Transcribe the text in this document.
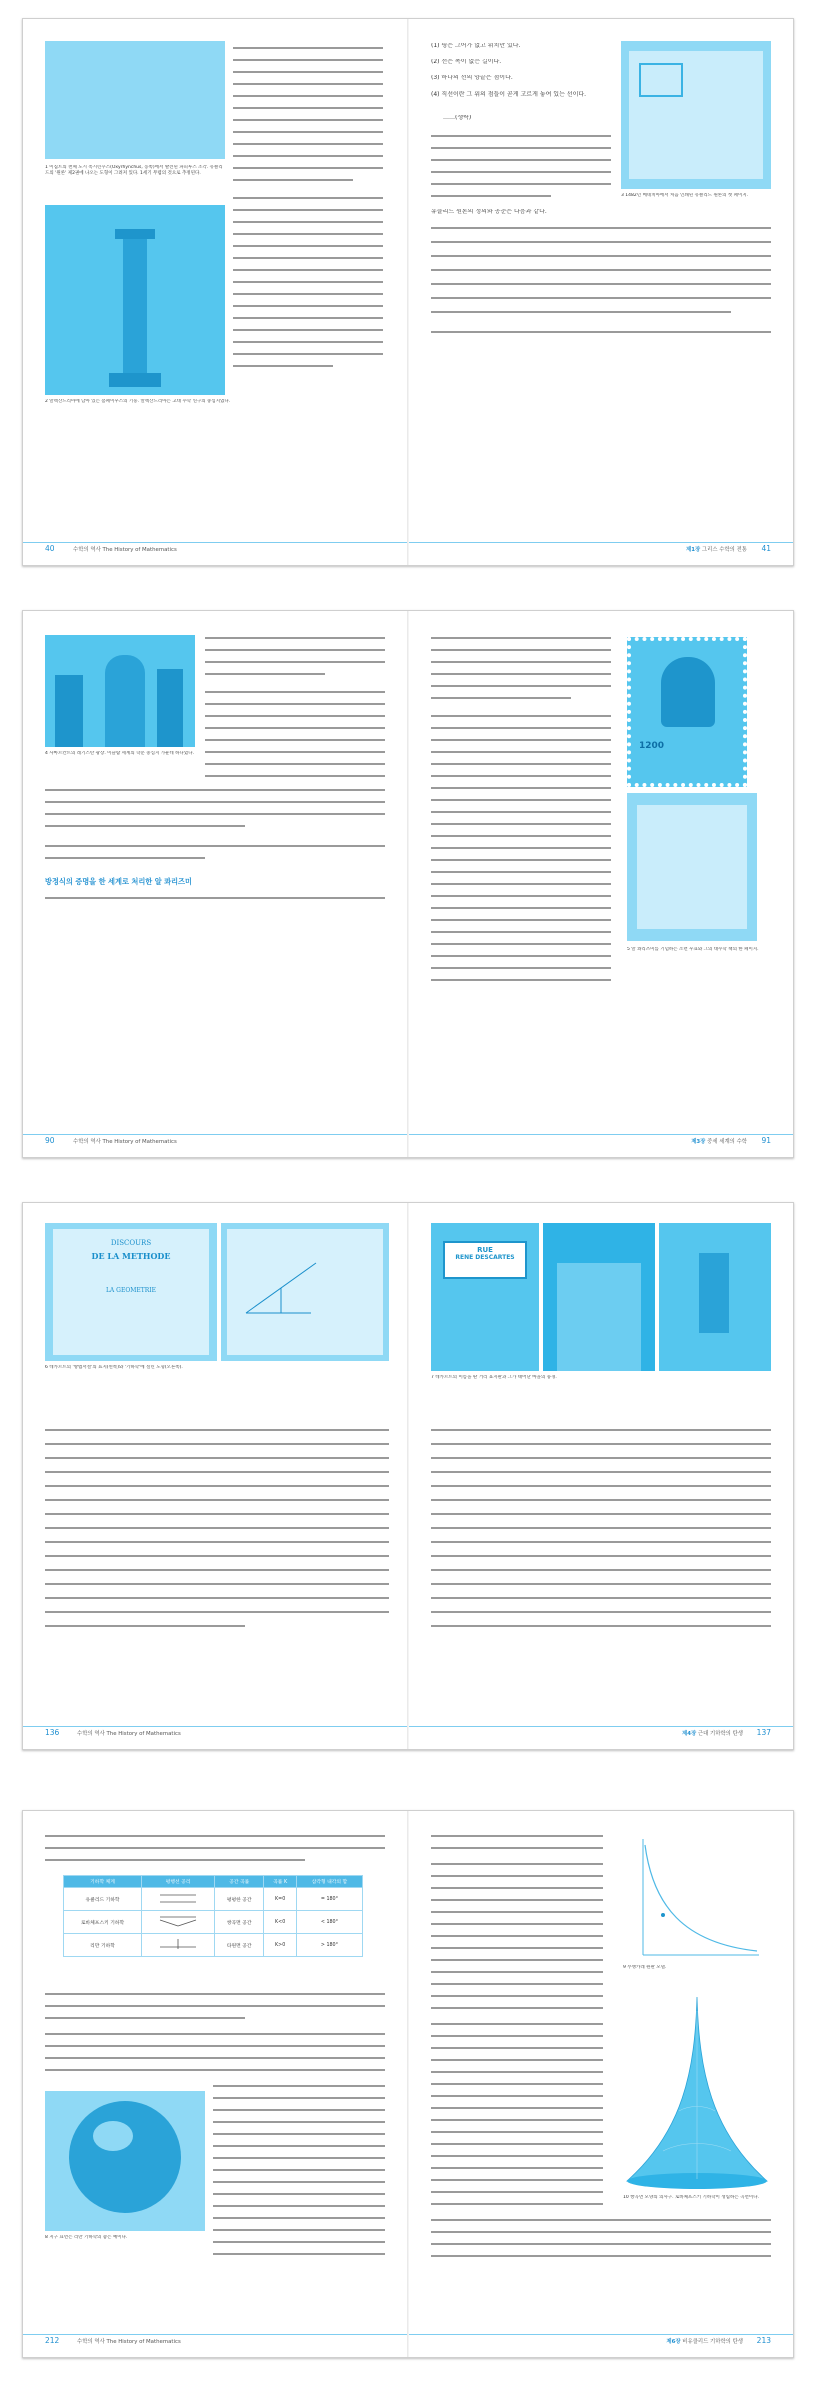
1 이집트의 천체 도시 옥시린쿠스(Oxyrhynchus, 동쪽)에서 발견된 파피루스 조각. 유클리드의 '원론' 제2권에 나오는 도형이 그려져 있다. 1세기 무렵의 것으로 추정된다.
2 알렉산드리아에 남아 있는 폼페이우스의 기둥. 알렉산드리아는 고대 수학 연구의 중심지였다.
(1) 평은 그어가 없고 위치만 있다.
(2) 선은 폭이 없는 길이다.
(3) 하나의 선의 양끝은 점이다.
(4) 직선이란 그 위의 점들이 곧게 고르게 놓여 있는 선이다.
……(생략)
유클리드 원론의 정의와 공준은 다음과 같다.
3 1482년 베네치아에서 처음 인쇄된 유클리드 원론의 첫 페이지.
40	수학의 역사 The History of Mathematics	제1장 그리스 수학의 전통 41
4 사마르칸트의 레기스탄 광장. 이슬람 세계의 학문 중심지 가운데 하나였다.
방정식의 증명을 한 세계로 처리한 알 콰리즈미
1200
5 알 콰리즈미를 기념하는 소련 우표와 그의 대수학 책의 한 페이지.
90	수학의 역사 The History of Mathematics	제3장 중세 세계의 수학 91
DISCOURS
DE LA METHODE
LA GEOMETRIE
6 데카르트의 '방법서설'의 표지(왼쪽)와 '기하학'에 실린 도형(오른쪽).
RUE
RENE DESCARTES
7 데카르트의 이름을 딴 거리 표지판과 그가 태어난 마을의 풍경.
136	수학의 역사 The History of Mathematics	제4장 근대 기하학의 탄생 137
기하학 체계	평행선 공리	공간 곡률	곡률 K	삼각형 내각의 합
유클리드 기하학		평평한 공간	K=0	= 180°
로바체프스키 기하학		쌍곡면 공간	K<0	< 180°
리만 기하학		타원면 공간	K>0	> 180°
8 지구 표면은 리만 기하학의 좋은 예이다.
9 푸앵카레 원판 모델.
10 쌍곡면 모양의 의사구. 로바체프스키 기하학이 성립하는 곡면이다.
212	수학의 역사 The History of Mathematics	제6장 비유클리드 기하학의 탄생 213
